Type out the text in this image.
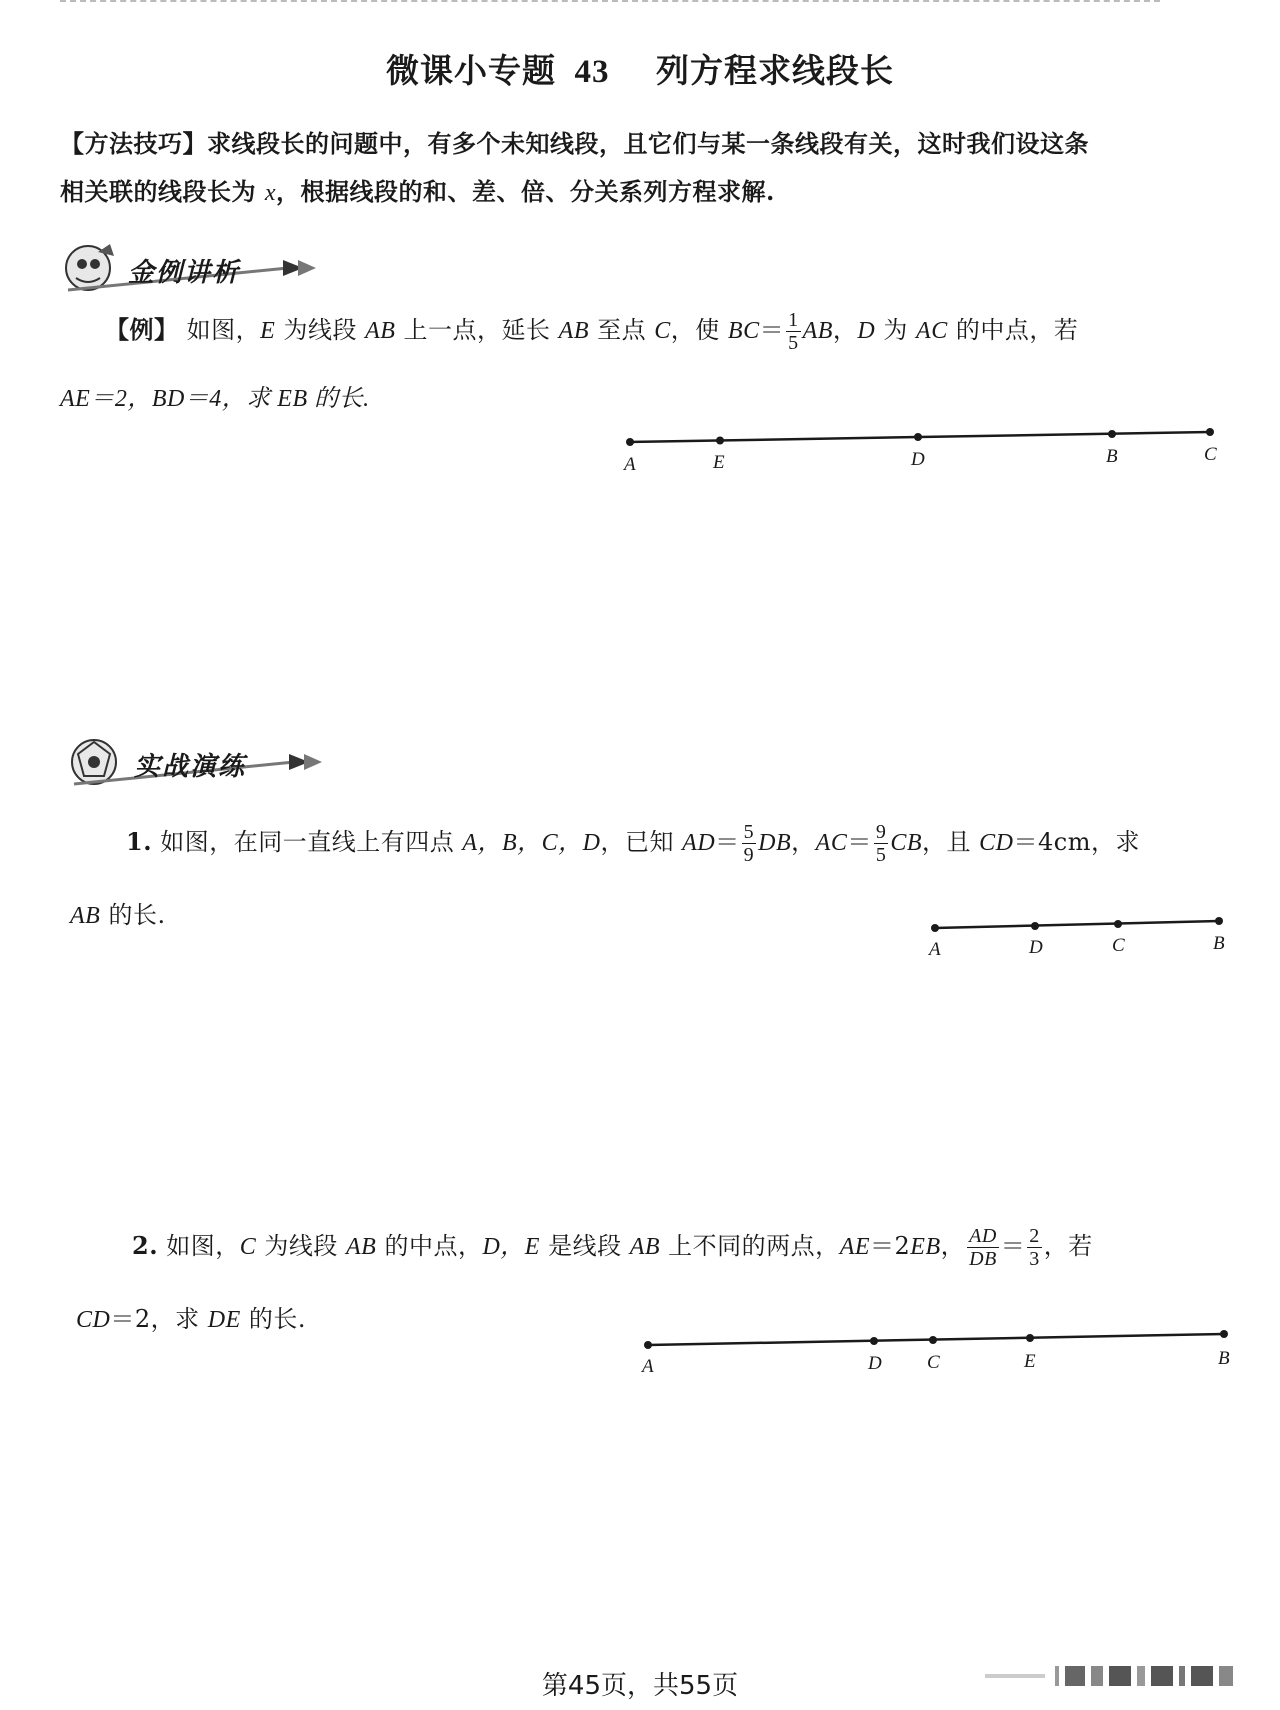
微课小专题 43 列方程求线段长
【方法技巧】求线段长的问题中，有多个未知线段，且它们与某一条线段有关，这时我们设这条
相关联的线段长为 x，根据线段的和、差、倍、分关系列方程求解.
金例讲析
【例】 如图，E 为线段 AB 上一点，延长 AB 至点 C，使 $BC= \frac{1}{5}$ AB，D 为 AC 的中点，若
AE＝2，BD＝4，求 EB 的长.
A	E	D	B	C
实战演练
1. 如图，在同一直线上有四点 A，B，C，D，已知 $AD= \frac{5}{9}$ DB，$AC= \frac{9}{5}$ CB，且 CD＝4cm，求
AB 的长.
A	D	C	B
2. 如图，C 为线段 AB 的中点，D，E 是线段 AB 上不同的两点，AE＝2EB， $\frac{AD}{DB} = \frac{2}{3}$ ，若
CD＝2，求 DE 的长.
A	D C	E	B
第45页，共55页
